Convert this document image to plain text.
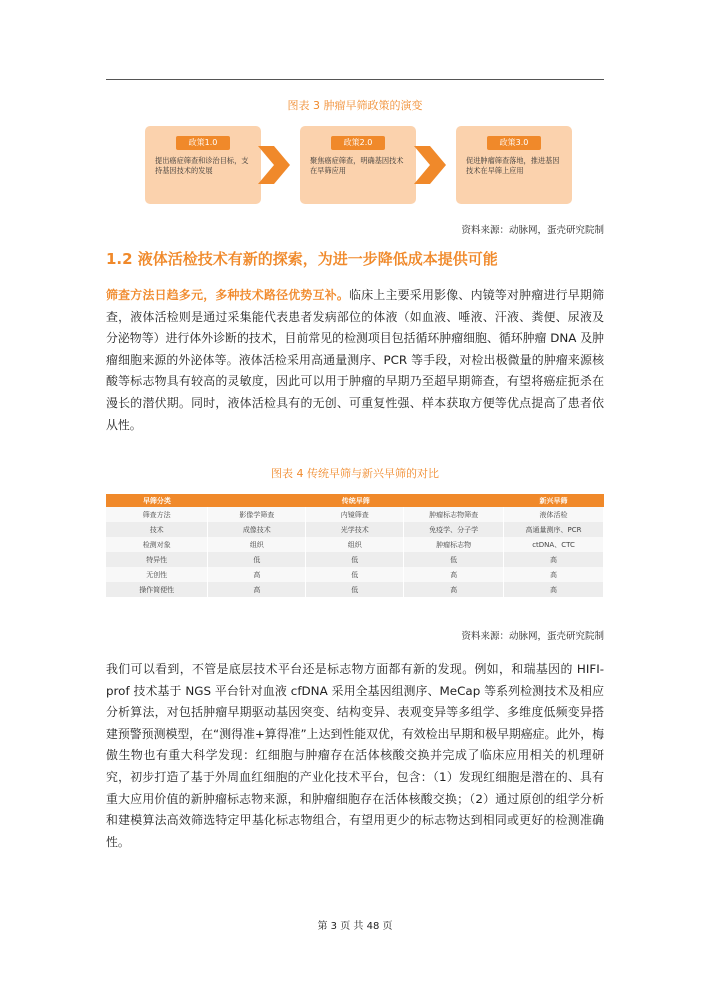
图表 3 肿瘤早筛政策的演变
政策1.0
提出癌症筛查和诊治目标，支持基因技术的发展
政策2.0
聚焦癌症筛查，明确基因技术在早筛应用
政策3.0
促进肿瘤筛查落地，推进基因技术在早筛上应用
资料来源：动脉网，蛋壳研究院制
1.2 液体活检技术有新的探索，为进一步降低成本提供可能
筛查方法日趋多元，多种技术路径优势互补。临床上主要采用影像、内镜等对肿瘤进行早期筛查，液体活检则是通过采集能代表患者发病部位的体液（如血液、唾液、汗液、粪便、尿液及分泌物等）进行体外诊断的技术，目前常见的检测项目包括循环肿瘤细胞、循环肿瘤 DNA 及肿瘤细胞来源的外泌体等。液体活检采用高通量测序、PCR 等手段，对检出极微量的肿瘤来源核酸等标志物具有较高的灵敏度，因此可以用于肿瘤的早期乃至超早期筛查，有望将癌症扼杀在漫长的潜伏期。同时，液体活检具有的无创、可重复性强、样本获取方便等优点提高了患者依从性。
图表 4 传统早筛与新兴早筛的对比
早筛分类	传统早筛			新兴早筛
筛查方法	影像学筛查	内镜筛查	肿瘤标志物筛查	液体活检
技术	成像技术	光学技术	免疫学、分子学	高通量测序、PCR
检测对象	组织	组织	肿瘤标志物	ctDNA、CTC
特异性	低	低	低	高
无创性	高	低	高	高
操作简便性	高	低	高	高
资料来源：动脉网，蛋壳研究院制
我们可以看到，不管是底层技术平台还是标志物方面都有新的发现。例如，和瑞基因的 HIFI-prof 技术基于 NGS 平台针对血液 cfDNA 采用全基因组测序、MeCap 等系列检测技术及相应分析算法，对包括肿瘤早期驱动基因突变、结构变异、表观变异等多组学、多维度低频变异搭建预警预测模型，在“测得准+算得准”上达到性能双优，有效检出早期和极早期癌症。此外，梅傲生物也有重大科学发现：红细胞与肿瘤存在活体核酸交换并完成了临床应用相关的机理研究，初步打造了基于外周血红细胞的产业化技术平台，包含：（1）发现红细胞是潜在的、具有重大应用价值的新肿瘤标志物来源，和肿瘤细胞存在活体核酸交换；（2）通过原创的组学分析和建模算法高效筛选特定甲基化标志物组合，有望用更少的标志物达到相同或更好的检测准确性。
第 3 页 共 48 页
